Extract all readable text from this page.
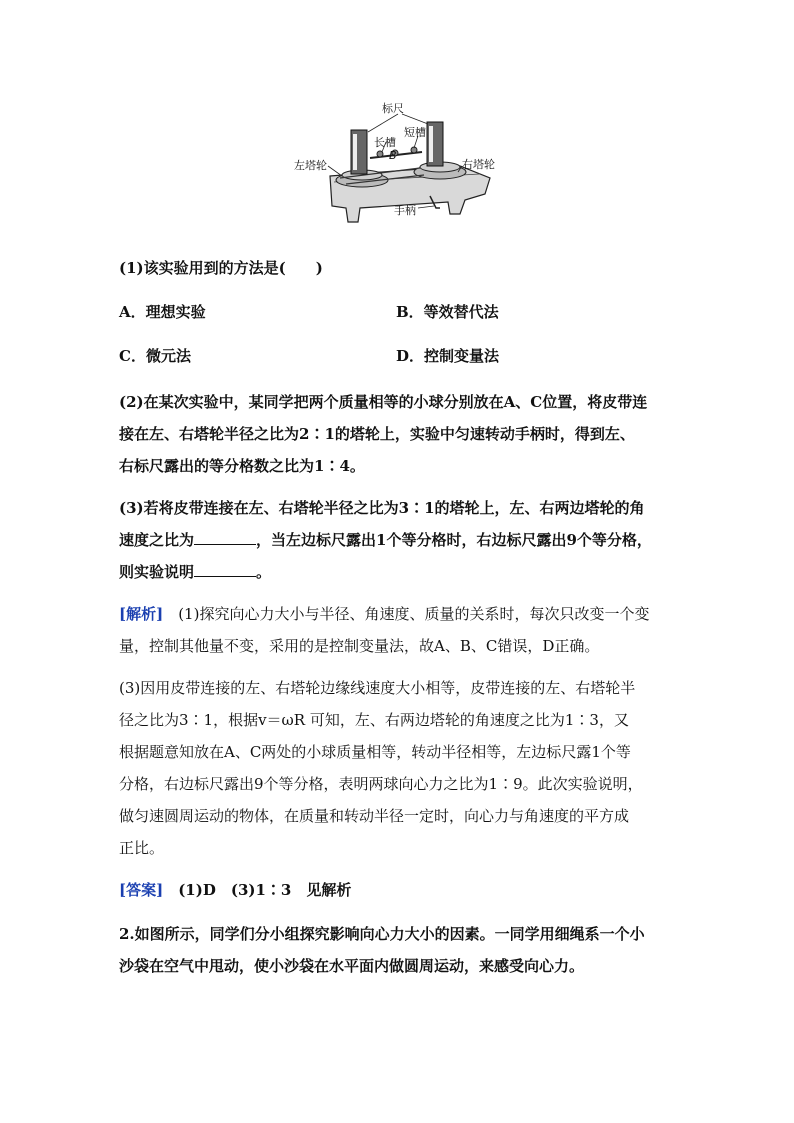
标尺
长槽
短槽
左塔轮	右塔轮
手柄
B
(1)该实验用到的方法是(　　)
A．理想实验	B．等效替代法
C．微元法	D．控制变量法
(2)在某次实验中，某同学把两个质量相等的小球分别放在A、C位置，将皮带连
接在左、右塔轮半径之比为2∶1的塔轮上，实验中匀速转动手柄时，得到左、
右标尺露出的等分格数之比为1∶4。
(3)若将皮带连接在左、右塔轮半径之比为3∶1的塔轮上，左、右两边塔轮的角
速度之比为	，当左边标尺露出1个等分格时，右边标尺露出9个等分格，
则实验说明	。
[解析]　(1)探究向心力大小与半径、角速度、质量的关系时，每次只改变一个变
量，控制其他量不变，采用的是控制变量法，故A、B、C错误，D正确。
(3)因用皮带连接的左、右塔轮边缘线速度大小相等，皮带连接的左、右塔轮半
径之比为3∶1，根据v＝ωR 可知，左、右两边塔轮的角速度之比为1∶3，又
根据题意知放在A、C两处的小球质量相等，转动半径相等，左边标尺露1个等
分格，右边标尺露出9个等分格，表明两球向心力之比为1∶9。此次实验说明，
做匀速圆周运动的物体，在质量和转动半径一定时，向心力与角速度的平方成
正比。
[答案]　(1)D　(3)1∶3　见解析
2.如图所示，同学们分小组探究影响向心力大小的因素。一同学用细绳系一个小
沙袋在空气中甩动，使小沙袋在水平面内做圆周运动，来感受向心力。
